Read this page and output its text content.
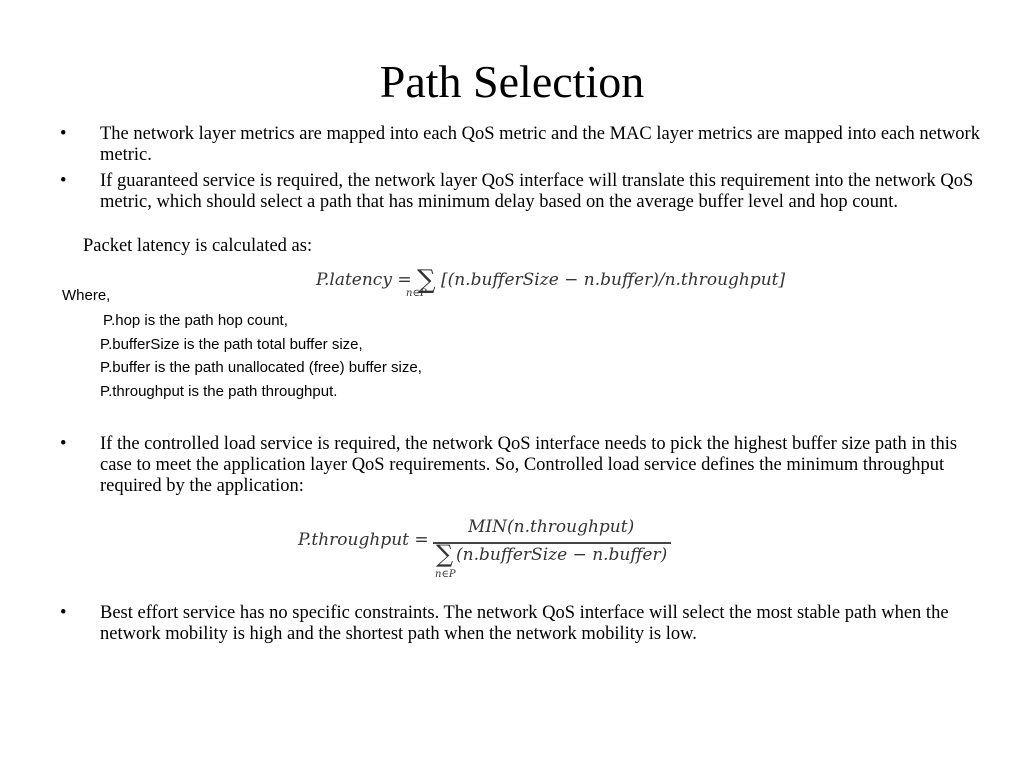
Path Selection
•	The network layer metrics are mapped into each QoS metric and the MAC layer metrics are mapped into each network metric.
•	If guaranteed service is required, the network layer QoS interface will translate this requirement into the network QoS metric, which should select a path that has minimum delay based on the average buffer level and hop count.
Packet latency is calculated as:
P.latency = ∑ [(n.bufferSize − n.buffer)/n.throughput]
n∈P
Where,
P.hop is the path hop count,
P.bufferSize is the path total buffer size,
P.buffer is the path unallocated (free) buffer size,
P.throughput is the path throughput.
•	If the controlled load service is required, the network QoS interface needs to pick the highest buffer size path in this case to meet the application layer QoS requirements. So, Controlled load service defines the minimum throughput required by the application:
P.throughput =
MIN(n.throughput)
∑ (n.bufferSize − n.buffer)
n∈P
•	Best effort service has no specific constraints. The network QoS interface will select the most stable path when the network mobility is high and the shortest path when the network mobility is low.
